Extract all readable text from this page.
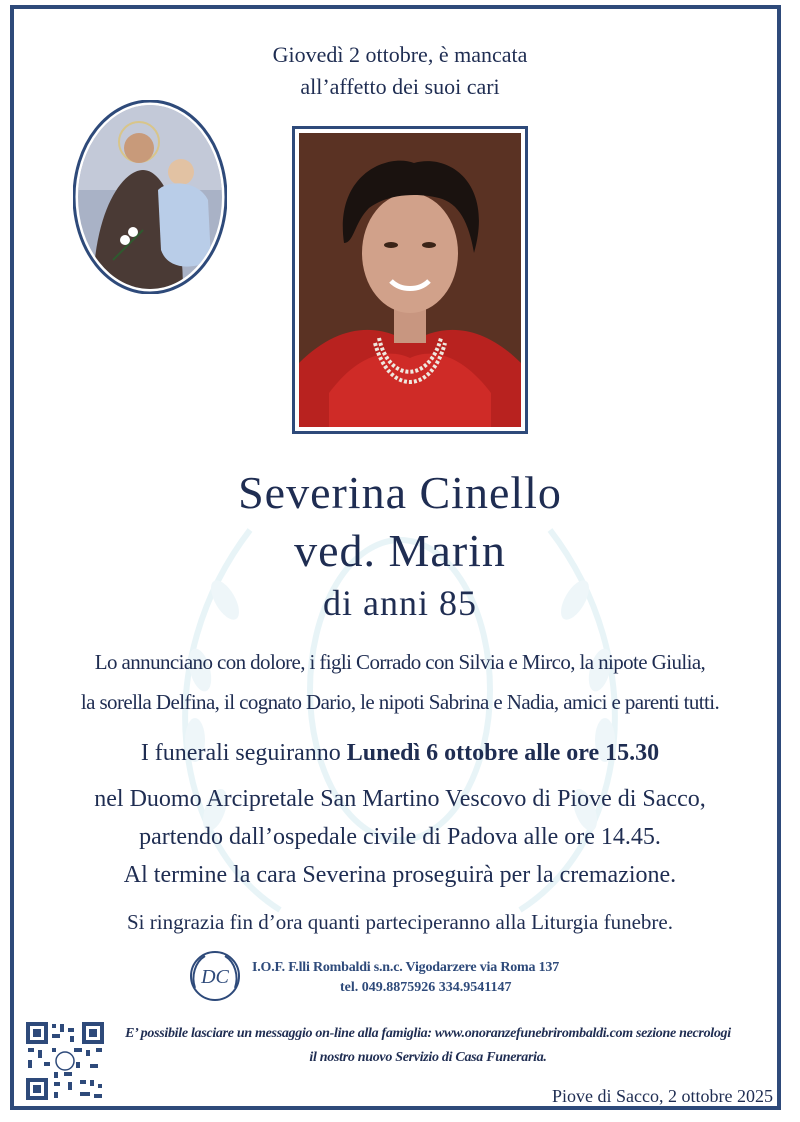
Giovedì 2 ottobre, è mancata
all’affetto dei suoi cari
Severina Cinello
ved. Marin
di anni 85
Lo annunciano con dolore, i figli Corrado con Silvia e Mirco, la nipote Giulia,
la sorella Delfina, il cognato Dario, le nipoti Sabrina e Nadia, amici e parenti tutti.
I funerali seguiranno Lunedì 6 ottobre alle ore 15.30
nel Duomo Arcipretale San Martino Vescovo di Piove di Sacco,
partendo dall’ospedale civile di Padova alle ore 14.45.
Al termine la cara Severina proseguirà per la cremazione.
Si ringrazia fin d’ora quanti parteciperanno alla Liturgia funebre.
DC I.O.F. F.lli Rombaldi s.n.c. Vigodarzere via Roma 137
tel. 049.8875926 334.9541147
E’ possibile lasciare un messaggio on-line alla famiglia: www.onoranzefunebrirombaldi.com sezione necrologi
il nostro nuovo Servizio di Casa Funeraria.
Piove di Sacco, 2 ottobre 2025
